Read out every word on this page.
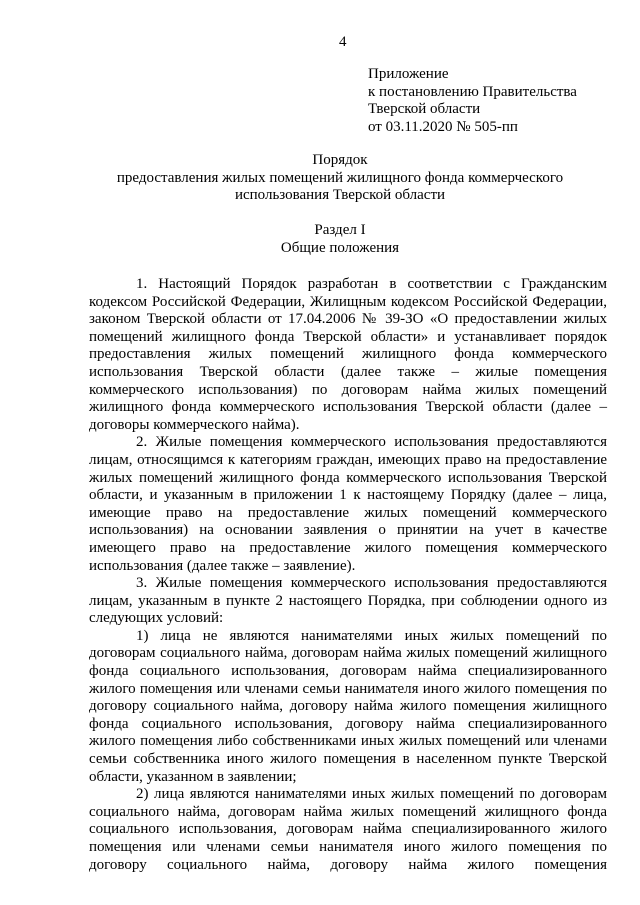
4
Приложение
к постановлению Правительства
Тверской области
от 03.11.2020 № 505-пп
Порядок
предоставления жилых помещений жилищного фонда коммерческого
использования Тверской области
Раздел I
Общие положения

1. Настоящий Порядок разработан в соответствии с Гражданским кодексом Российской Федерации, Жилищным кодексом Российской Федерации, законом Тверской области от 17.04.2006 № 39-ЗО «О предоставлении жилых помещений жилищного фонда Тверской области» и устанавливает порядок предоставления жилых помещений жилищного фонда коммерческого использования Тверской области (далее также – жилые помещения коммерческого использования) по договорам найма жилых помещений жилищного фонда коммерческого использования Тверской области (далее – договоры коммерческого найма).

2. Жилые помещения коммерческого использования предоставляются лицам, относящимся к категориям граждан, имеющих право на предоставление жилых помещений жилищного фонда коммерческого использования Тверской области, и указанным в приложении 1 к настоящему Порядку (далее – лица, имеющие право на предоставление жилых помещений коммерческого использования) на основании заявления о принятии на учет в качестве имеющего право на предоставление жилого помещения коммерческого использования (далее также – заявление).

3. Жилые помещения коммерческого использования предоставляются лицам, указанным в пункте 2 настоящего Порядка, при соблюдении одного из следующих условий:

1) лица не являются нанимателями иных жилых помещений по договорам социального найма, договорам найма жилых помещений жилищного фонда социального использования, договорам найма специализированного жилого помещения или членами семьи нанимателя иного жилого помещения по договору социального найма, договору найма жилого помещения жилищного фонда социального использования, договору найма специализированного жилого помещения либо собственниками иных жилых помещений или членами семьи собственника иного жилого помещения в населенном пункте Тверской области, указанном в заявлении;

2) лица являются нанимателями иных жилых помещений по договорам социального найма, договорам найма жилых помещений жилищного фонда социального использования, договорам найма специализированного жилого помещения или членами семьи нанимателя иного жилого помещения по договору социального найма, договору найма жилого помещения
